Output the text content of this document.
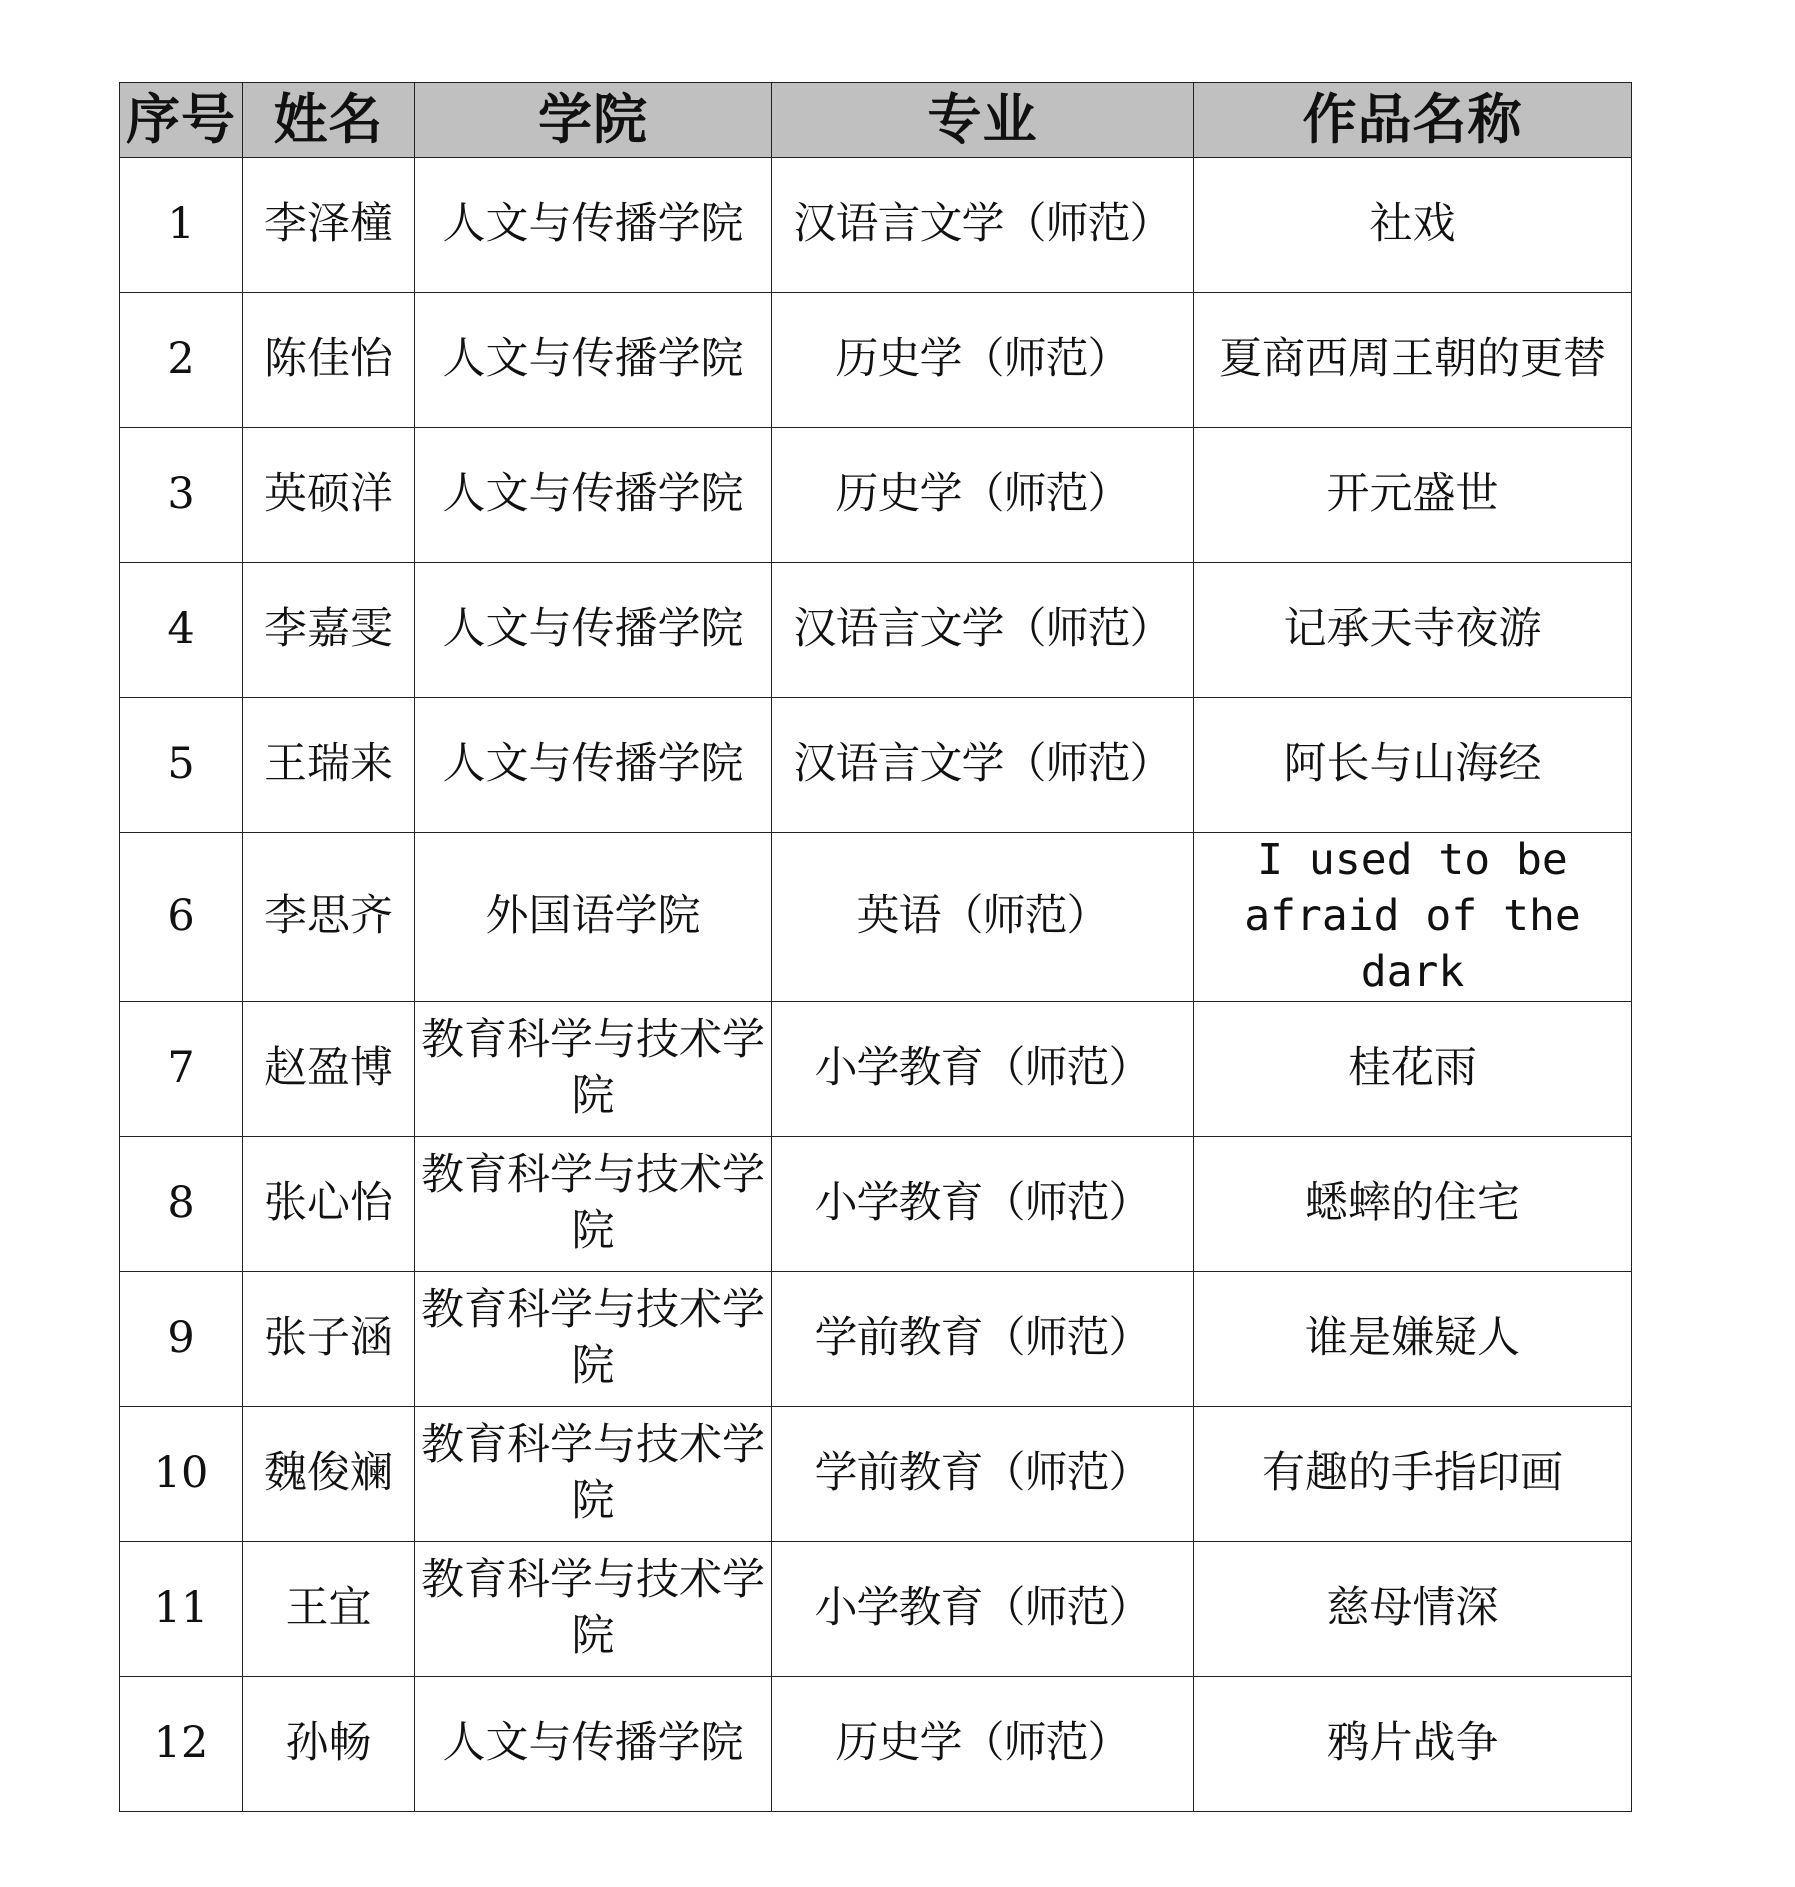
序号	姓名	学院	专业	作品名称
1	李泽橦	人文与传播学院	汉语言文学（师范）	社戏
2	陈佳怡	人文与传播学院	历史学（师范）	夏商西周王朝的更替
3	英硕洋	人文与传播学院	历史学（师范）	开元盛世
4	李嘉雯	人文与传播学院	汉语言文学（师范）	记承天寺夜游
5	王瑞来	人文与传播学院	汉语言文学（师范）	阿长与山海经
6	李思齐	外国语学院	英语（师范）	I used to be afraid of the dark
7	赵盈博	教育科学与技术学院	小学教育（师范）	桂花雨
8	张心怡	教育科学与技术学院	小学教育（师范）	蟋蟀的住宅
9	张子涵	教育科学与技术学院	学前教育（师范）	谁是嫌疑人
10	魏俊斓	教育科学与技术学院	学前教育（师范）	有趣的手指印画
11	王宜	教育科学与技术学院	小学教育（师范）	慈母情深
12	孙畅	人文与传播学院	历史学（师范）	鸦片战争
